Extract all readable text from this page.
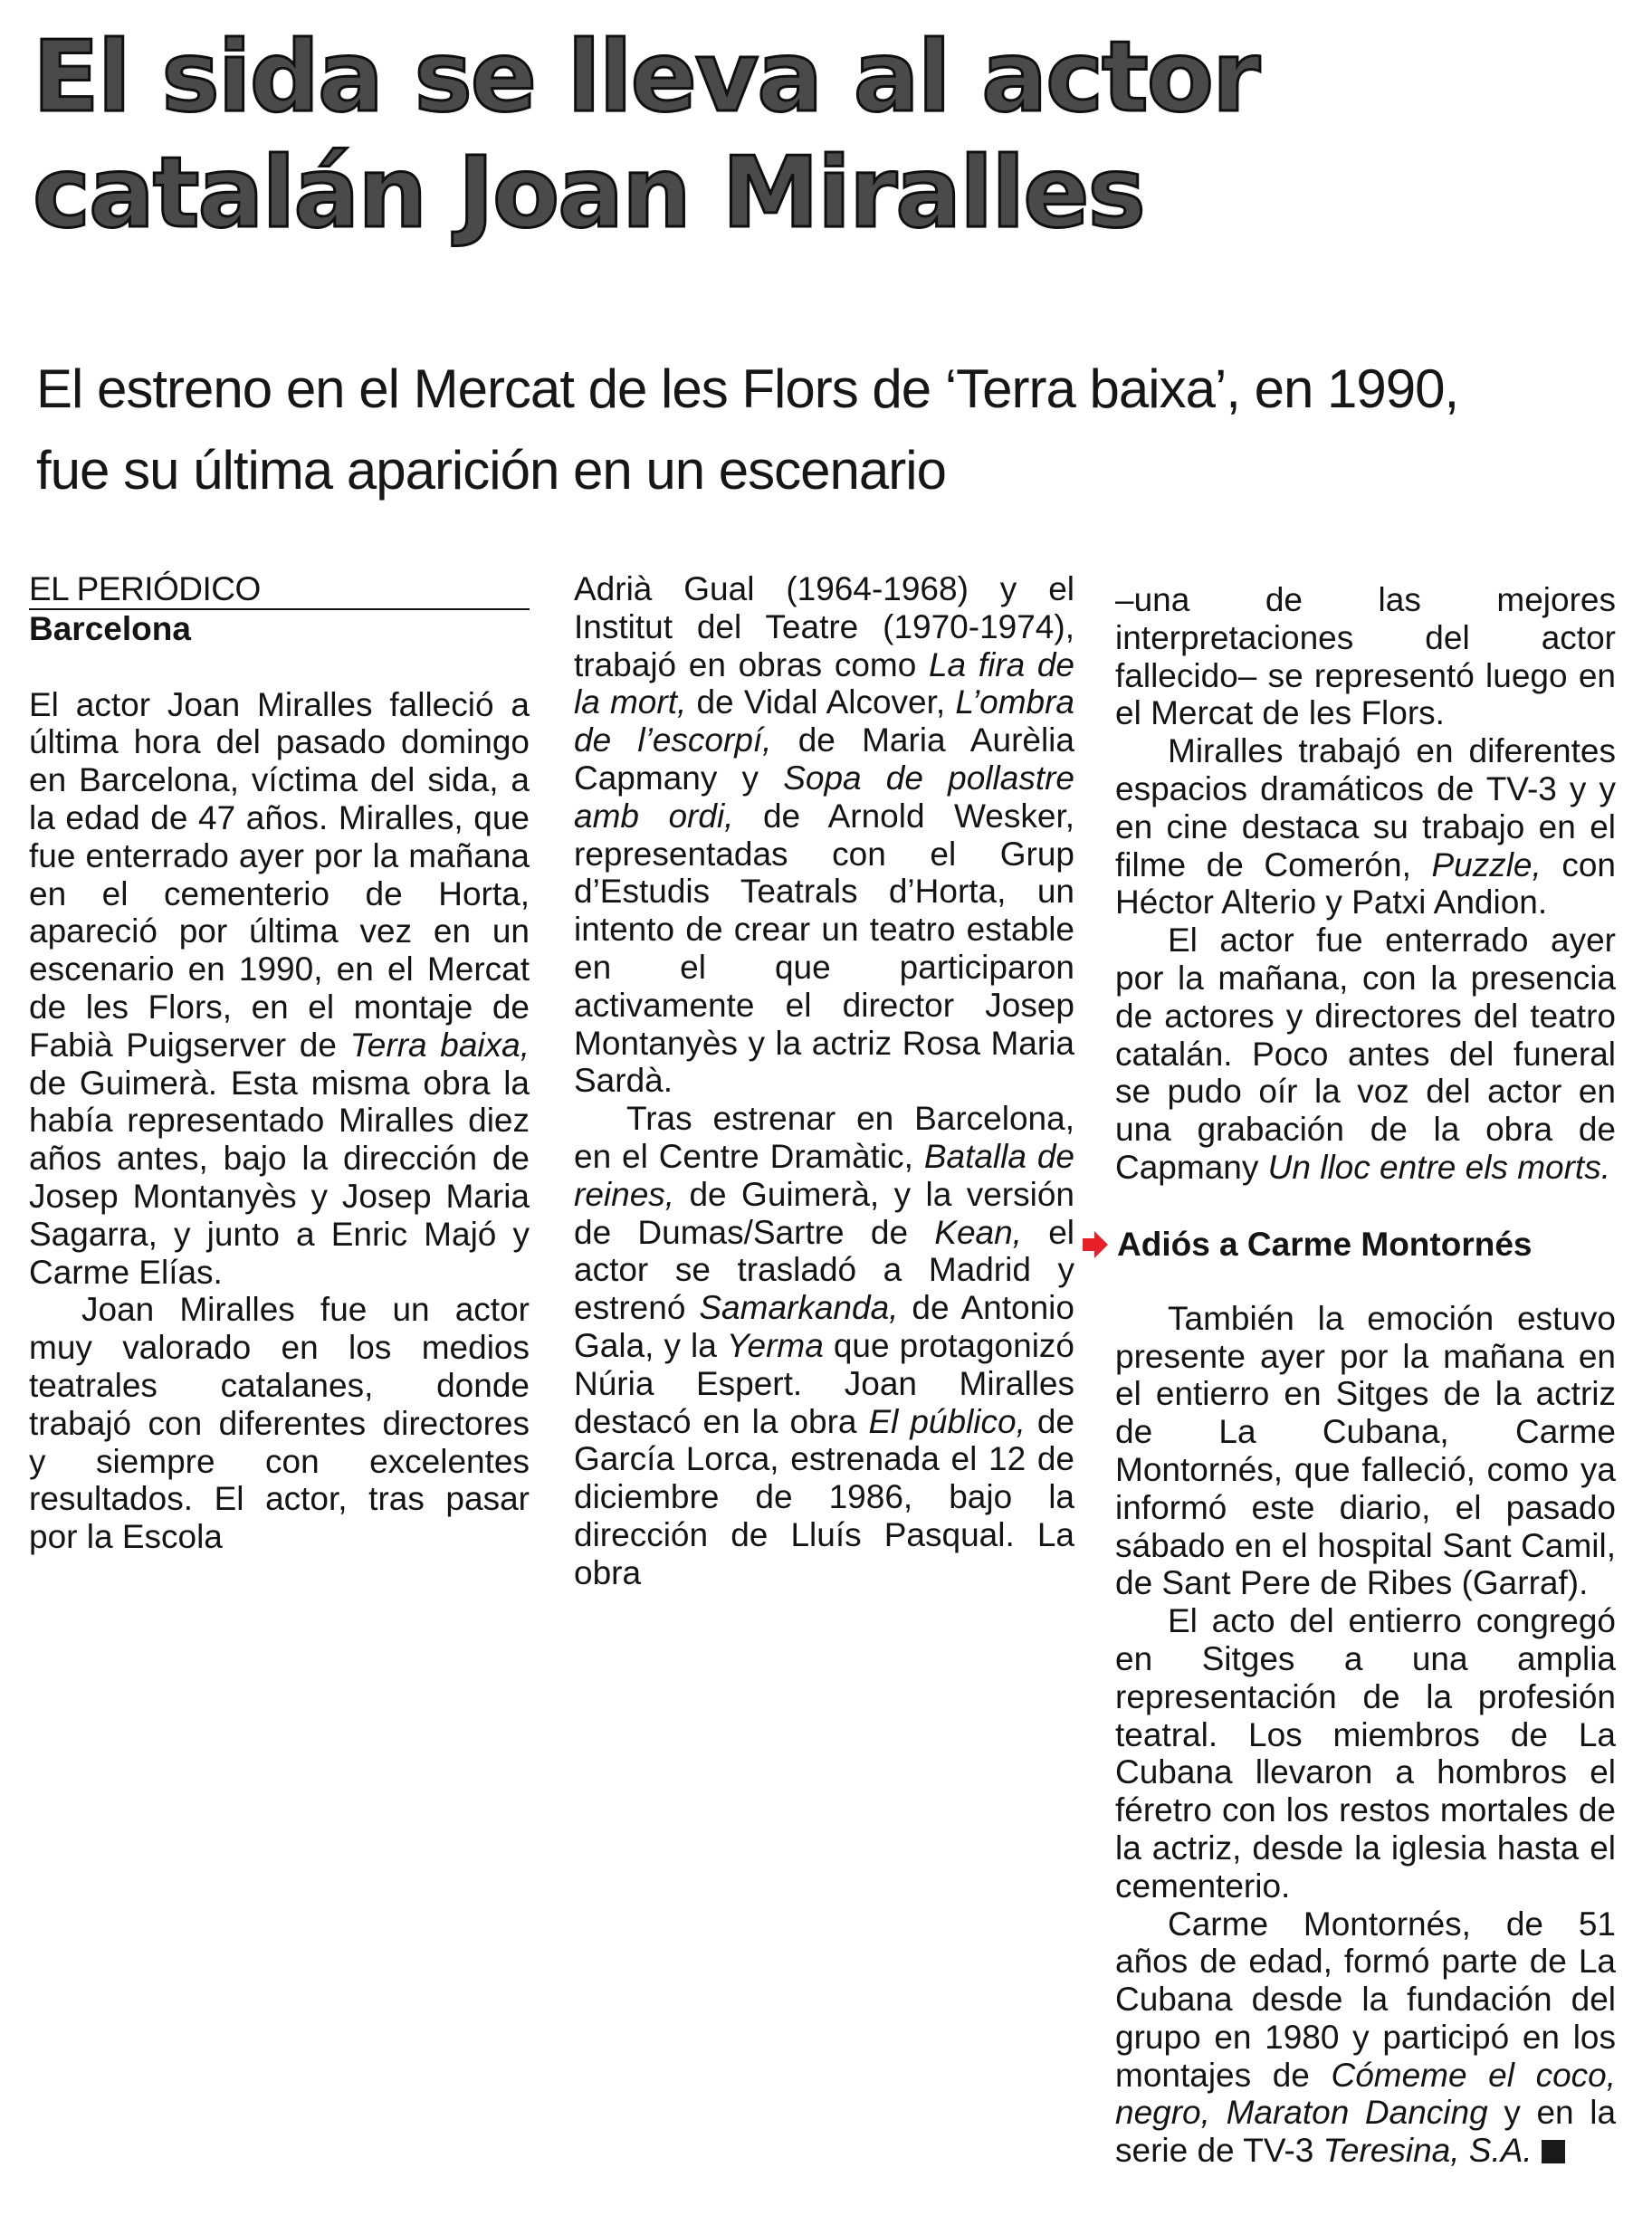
El sida se lleva al actor
catalán Joan Miralles
El estreno en el Mercat de les Flors de ‘Terra baixa’, en 1990,
fue su última aparición en un escenario

EL PERIÓDICO

Barcelona

El actor Joan Miralles falleció a última hora del pasado domingo en Barcelona, víctima del sida, a la edad de 47 años. Miralles, que fue enterrado ayer por la mañana en el cementerio de Horta, apareció por última vez en un escenario en 1990, en el Mercat de les Flors, en el montaje de Fabià Puigserver de Terra baixa, de Guimerà. Esta misma obra la había representado Miralles diez años antes, bajo la dirección de Josep Montanyès y Josep Maria Sagarra, y junto a Enric Majó y Carme Elías.

Joan Miralles fue un actor muy valorado en los medios teatrales catalanes, donde trabajó con diferentes directores y siempre con excelentes resultados. El actor, tras pasar por la Escola

Adrià Gual (1964-1968) y el Institut del Teatre (1970-1974), trabajó en obras como La fira de la mort, de Vidal Alcover, L’ombra de l’escorpí, de Maria Aurèlia Capmany y Sopa de pollastre amb ordi, de Arnold Wesker, representadas con el Grup d’Estudis Teatrals d’Horta, un intento de crear un teatro estable en el que participaron activamente el director Josep Montanyès y la actriz Rosa Maria Sardà.

Tras estrenar en Barcelona, en el Centre Dramàtic, Batalla de reines, de Guimerà, y la versión de Dumas/Sartre de Kean, el actor se trasladó a Madrid y estrenó Samarkanda, de Antonio Gala, y la Yerma que protagonizó Núria Espert. Joan Miralles destacó en la obra El público, de García Lorca, estrenada el 12 de diciembre de 1986, bajo la dirección de Lluís Pasqual. La obra

–una de las mejores interpretaciones del actor fallecido– se representó luego en el Mercat de les Flors.

Miralles trabajó en diferentes espacios dramáticos de TV-3 y y en cine destaca su trabajo en el filme de Comerón, Puzzle, con Héctor Alterio y Patxi Andion.

El actor fue enterrado ayer por la mañana, con la presencia de actores y directores del teatro catalán. Poco antes del funeral se pudo oír la voz del actor en una grabación de la obra de Capmany Un lloc entre els morts.

Adiós a Carme Montornés

También la emoción estuvo presente ayer por la mañana en el entierro en Sitges de la actriz de La Cubana, Carme Montornés, que falleció, como ya informó este diario, el pasado sábado en el hospital Sant Camil, de Sant Pere de Ribes (Garraf).

El acto del entierro congregó en Sitges a una amplia representación de la profesión teatral. Los miembros de La Cubana llevaron a hombros el féretro con los restos mortales de la actriz, desde la iglesia hasta el cementerio.

Carme Montornés, de 51 años de edad, formó parte de La Cubana desde la fundación del grupo en 1980 y participó en los montajes de Cómeme el coco, negro, Maraton Dancing y en la serie de TV-3 Teresina, S.A.
